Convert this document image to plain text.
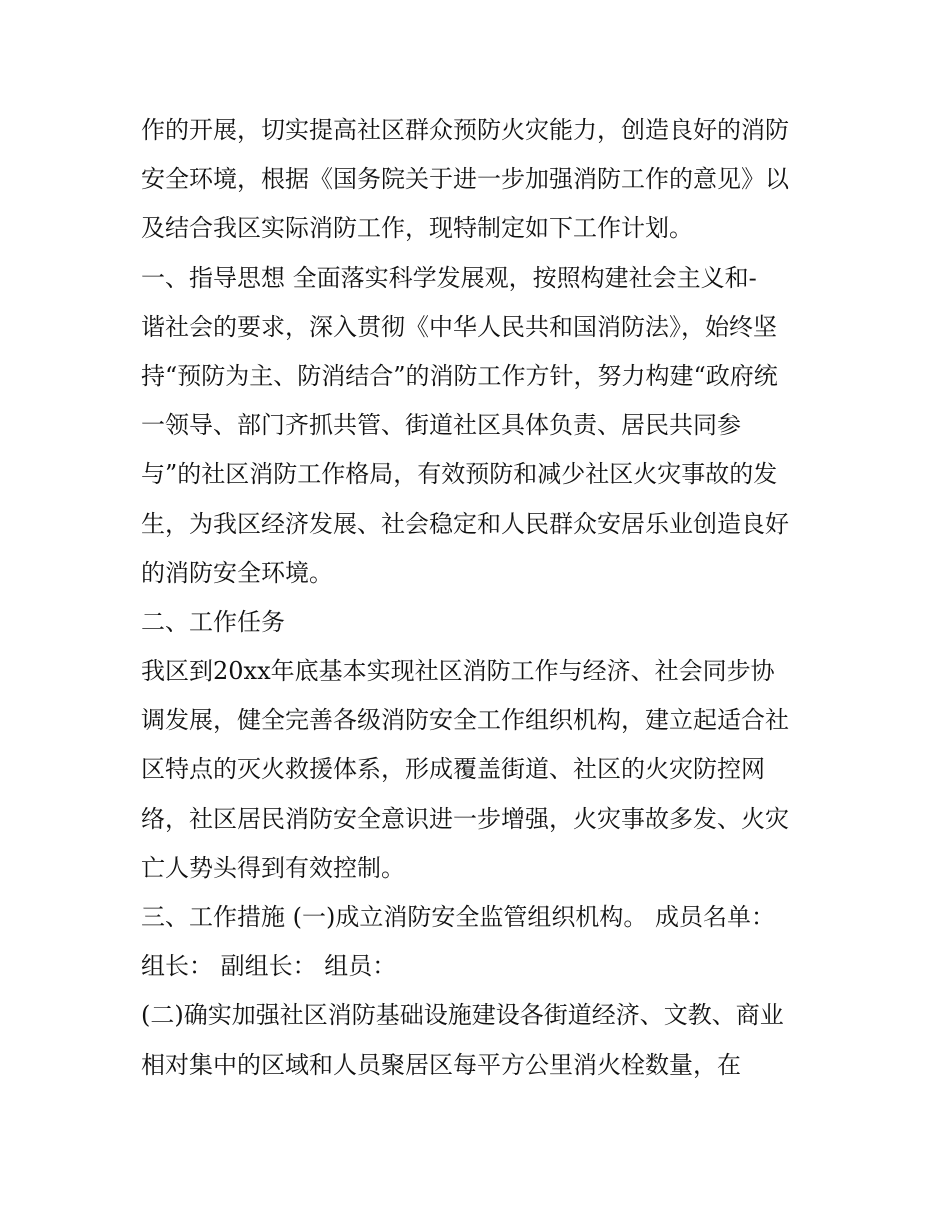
作的开展，切实提高社区群众预防火灾能力，创造良好的消防
安全环境，根据《国务院关于进一步加强消防工作的意见》以
及结合我区实际消防工作，现特制定如下工作计划。
一、指导思想 全面落实科学发展观，按照构建社会主义和-
谐社会的要求，深入贯彻《中华人民共和国消防法》，始终坚
持“预防为主、防消结合”的消防工作方针，努力构建“政府统
一领导、部门齐抓共管、街道社区具体负责、居民共同参
与”的社区消防工作格局，有效预防和减少社区火灾事故的发
生，为我区经济发展、社会稳定和人民群众安居乐业创造良好
的消防安全环境。
二、工作任务
我区到20xx年底基本实现社区消防工作与经济、社会同步协
调发展，健全完善各级消防安全工作组织机构，建立起适合社
区特点的灭火救援体系，形成覆盖街道、社区的火灾防控网
络，社区居民消防安全意识进一步增强，火灾事故多发、火灾
亡人势头得到有效控制。
三、工作措施 (一)成立消防安全监管组织机构。 成员名单：
组长： 副组长： 组员：
(二)确实加强社区消防基础设施建设各街道经济、文教、商业
相对集中的区域和人员聚居区每平方公里消火栓数量，在
